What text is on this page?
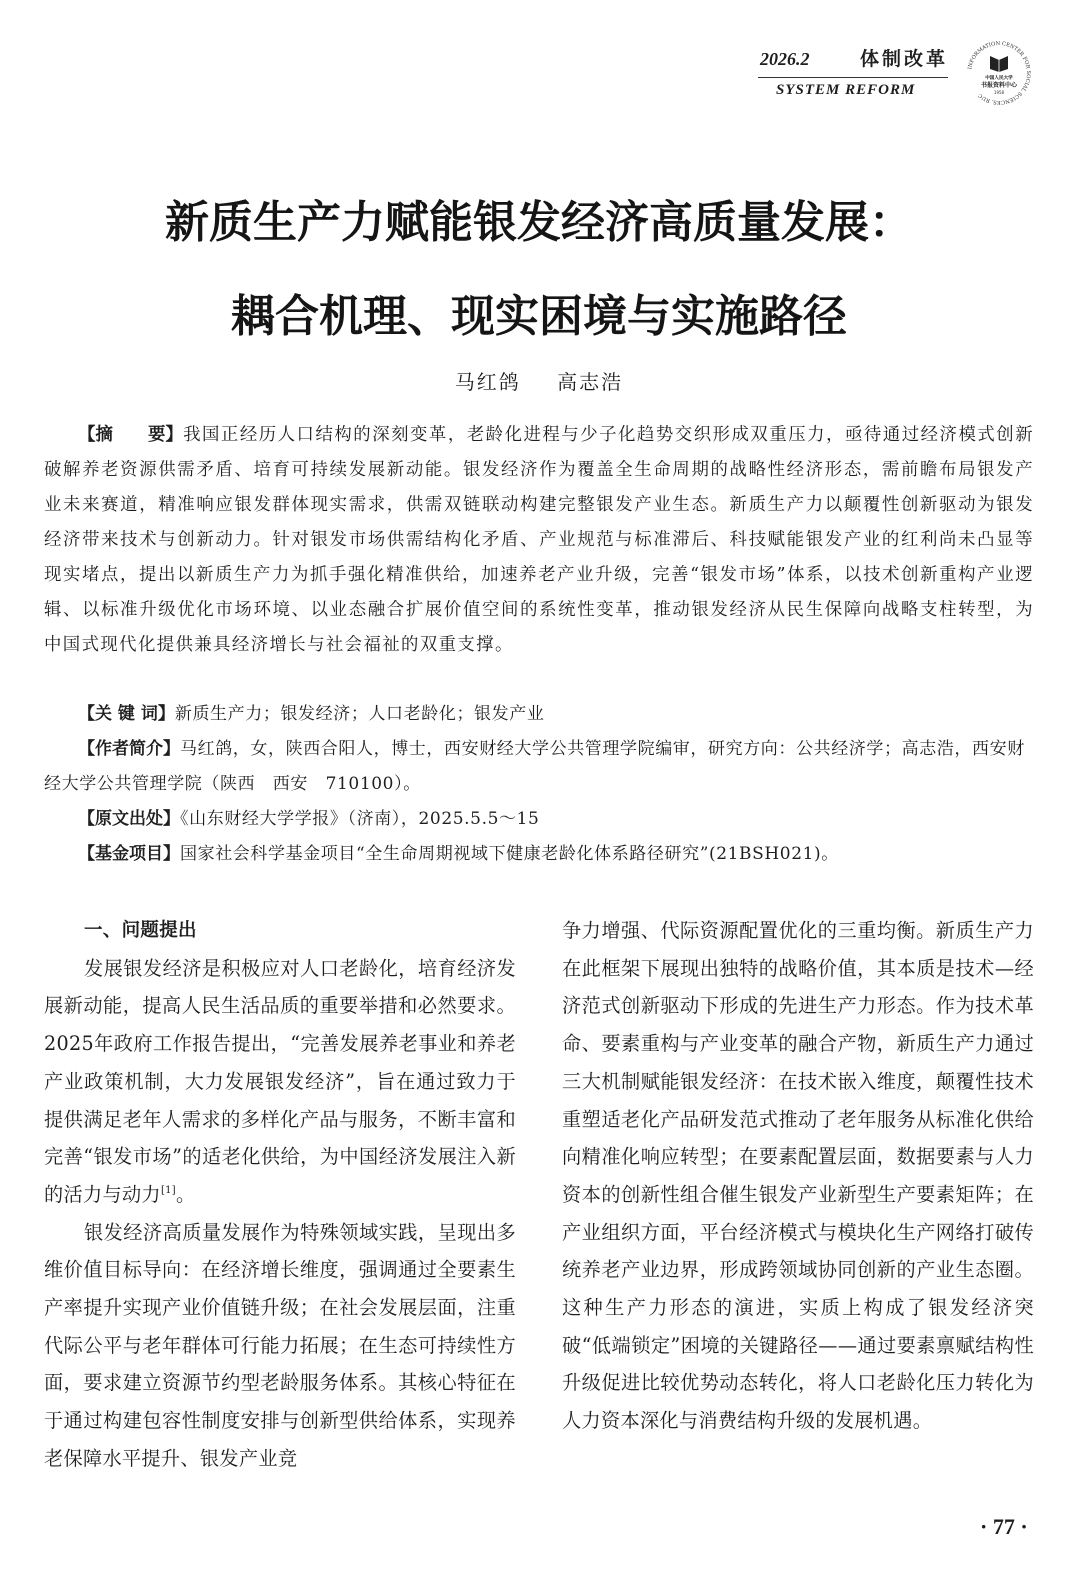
2026.2	体制改革
SYSTEM REFORM
INFORMATION CENTER FOR SOCIAL SCIENCES, RUC
中国人民大学
书报资料中心
1958
新质生产力赋能银发经济高质量发展：
耦合机理、现实困境与实施路径
马红鸽 高志浩

【摘　　要】我国正经历人口结构的深刻变革，老龄化进程与少子化趋势交织形成双重压力，亟待通过经济模式创新破解养老资源供需矛盾、培育可持续发展新动能。银发经济作为覆盖全生命周期的战略性经济形态，需前瞻布局银发产业未来赛道，精准响应银发群体现实需求，供需双链联动构建完整银发产业生态。新质生产力以颠覆性创新驱动为银发经济带来技术与创新动力。针对银发市场供需结构化矛盾、产业规范与标准滞后、科技赋能银发产业的红利尚未凸显等现实堵点，提出以新质生产力为抓手强化精准供给，加速养老产业升级，完善“银发市场”体系，以技术创新重构产业逻辑、以标准升级优化市场环境、以业态融合扩展价值空间的系统性变革，推动银发经济从民生保障向战略支柱转型，为中国式现代化提供兼具经济增长与社会福祉的双重支撑。

【关 键 词】新质生产力；银发经济；人口老龄化；银发产业

【作者简介】马红鸽，女，陕西合阳人，博士，西安财经大学公共管理学院编审，研究方向：公共经济学；高志浩，西安财经大学公共管理学院（陕西　西安　710100）。

【原文出处】《山东财经大学学报》（济南），2025.5.5～15

【基金项目】国家社会科学基金项目“全生命周期视域下健康老龄化体系路径研究”(21BSH021)。

一、问题提出

发展银发经济是积极应对人口老龄化，培育经济发展新动能，提高人民生活品质的重要举措和必然要求。2025年政府工作报告提出，“完善发展养老事业和养老产业政策机制，大力发展银发经济”，旨在通过致力于提供满足老年人需求的多样化产品与服务，不断丰富和完善“银发市场”的适老化供给，为中国经济发展注入新的活力与动力[1]。

银发经济高质量发展作为特殊领域实践，呈现出多维价值目标导向：在经济增长维度，强调通过全要素生产率提升实现产业价值链升级；在社会发展层面，注重代际公平与老年群体可行能力拓展；在生态可持续性方面，要求建立资源节约型老龄服务体系。其核心特征在于通过构建包容性制度安排与创新型供给体系，实现养老保障水平提升、银发产业竞

争力增强、代际资源配置优化的三重均衡。新质生产力在此框架下展现出独特的战略价值，其本质是技术—经济范式创新驱动下形成的先进生产力形态。作为技术革命、要素重构与产业变革的融合产物，新质生产力通过三大机制赋能银发经济：在技术嵌入维度，颠覆性技术重塑适老化产品研发范式推动了老年服务从标准化供给向精准化响应转型；在要素配置层面，数据要素与人力资本的创新性组合催生银发产业新型生产要素矩阵；在产业组织方面，平台经济模式与模块化生产网络打破传统养老产业边界，形成跨领域协同创新的产业生态圈。这种生产力形态的演进，实质上构成了银发经济突破“低端锁定”困境的关键路径——通过要素禀赋结构性升级促进比较优势动态转化，将人口老龄化压力转化为人力资本深化与消费结构升级的发展机遇。

· 77 ·
